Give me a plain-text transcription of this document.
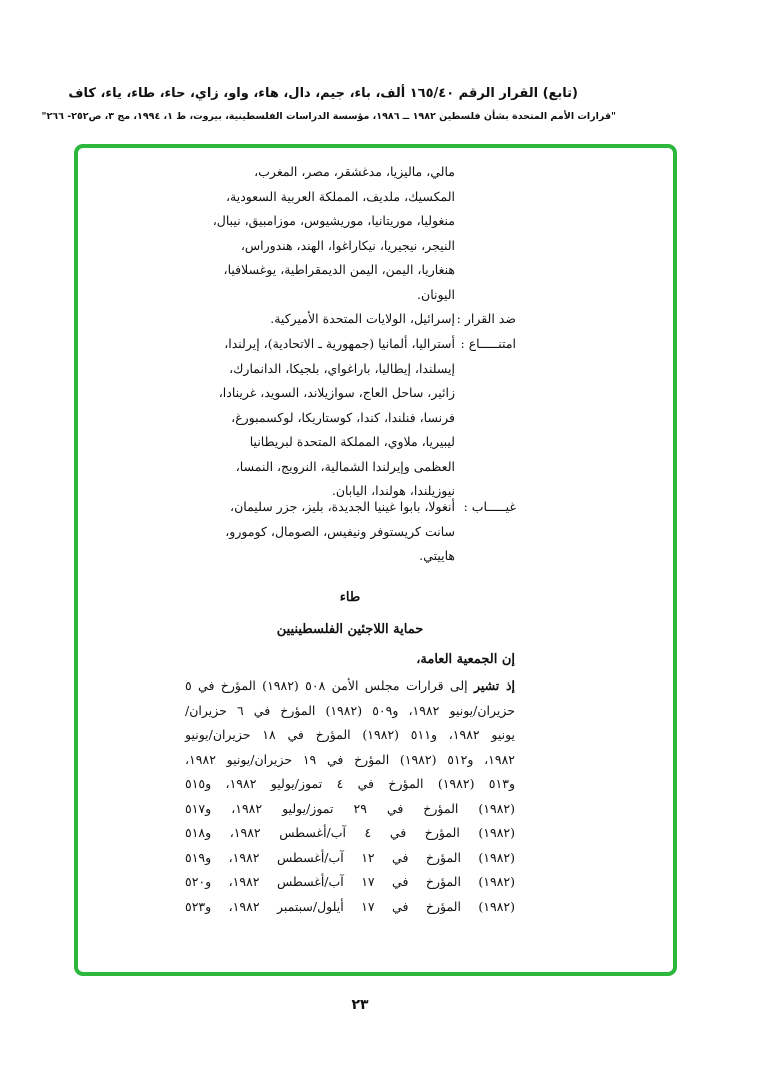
(تابع) القرار الرقم ١٦٥/٤٠ ألف، باء، جيم، دال، هاء، واو، زاي، حاء، طاء، ياء، كاف
"قرارات الأمم المتحدة بشأن فلسطين ١٩٨٢ ــ ١٩٨٦، مؤسسة الدراسات الفلسطينية، بيروت، ط ١، ١٩٩٤، مج ٣، ص٢٥٢- ٢٦٦"
مالي، ماليزيا، مدغشقر، مصر، المغرب،
المكسيك، ملديف، المملكة العربية السعودية،
منغوليا، موريتانيا، موريشيوس، موزامبيق، نيبال،
النيجر، نيجيريا، نيكاراغوا، الهند، هندوراس،
هنغاريا، اليمن، اليمن الديمقراطية، يوغسلافيا،
اليونان.
ضد القرار :
إسرائيل، الولايات المتحدة الأميركية.
امتنـــــاع :
أستراليا، ألمانيا (جمهورية ـ الاتحادية)، إيرلندا،
إيسلندا، إيطاليا، باراغواي، بلجيكا، الدانمارك،
زائير، ساحل العاج، سوازيلاند، السويد، غرينادا،
فرنسا، فنلندا، كندا، كوستاريكا، لوكسمبورغ،
ليبيريا، ملاوي، المملكة المتحدة لبريطانيا
العظمى وإيرلندا الشمالية، النرويج، النمسا،
نيوزيلندا، هولندا، اليابان.
غيـــــاب :
أنغولا، بابوا غينيا الجديدة، بليز، جزر سليمان،
سانت كريستوفر ونيفيس، الصومال، كومورو،
هاييتي.
طاء
حماية اللاجئين الفلسطينيين
إن الجمعية العامة،
إذ تشير إلى قرارات مجلس الأمن ٥٠٨ (١٩٨٢) المؤرخ في ٥
حزيران/يونيو ١٩٨٢، و٥٠٩ (١٩٨٢) المؤرخ في ٦ حزيران/
يونيو ١٩٨٢، و٥١١ (١٩٨٢) المؤرخ في ١٨ حزيران/يونيو
١٩٨٢، و٥١٢ (١٩٨٢) المؤرخ في ١٩ حزيران/يونيو ١٩٨٢،
و٥١٣ (١٩٨٢) المؤرخ في ٤ تموز/يوليو ١٩٨٢، و٥١٥
(١٩٨٢) المؤرخ في ٢٩ تموز/يوليو ١٩٨٢، و٥١٧
(١٩٨٢) المؤرخ في ٤ آب/أغسطس ١٩٨٢، و٥١٨
(١٩٨٢) المؤرخ في ١٢ آب/أغسطس ١٩٨٢، و٥١٩
(١٩٨٢) المؤرخ في ١٧ آب/أغسطس ١٩٨٢، و٥٢٠
(١٩٨٢) المؤرخ في ١٧ أيلول/سبتمبر ١٩٨٢، و٥٢٣
٢٣
